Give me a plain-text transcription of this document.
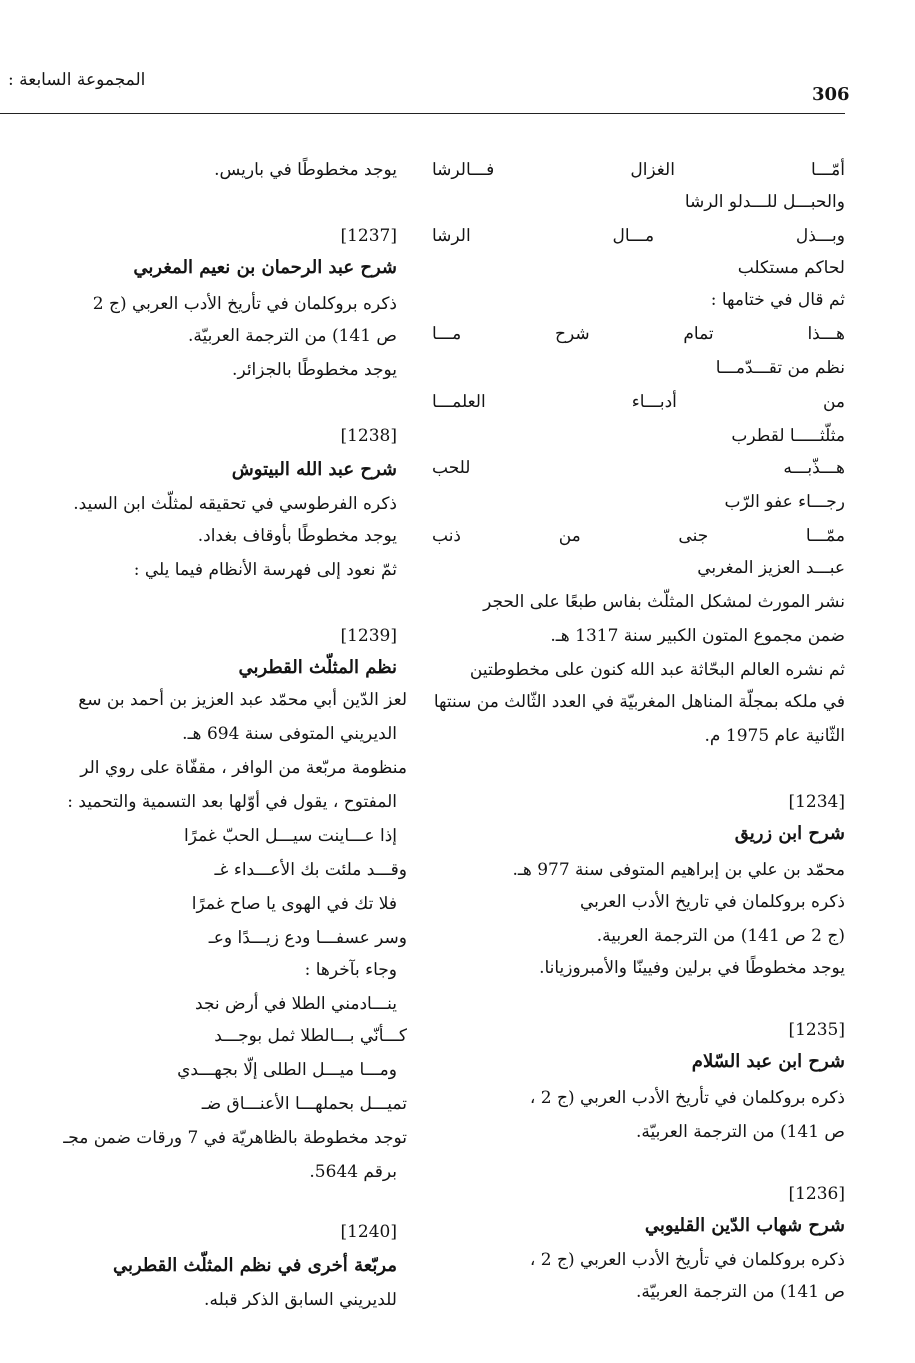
المجموعة السابعة :
306
أمّـــا الغزال فـــالرشا
والحبـــل للـــدلو الرشا
وبـــذل مـــال الرشا
لحاكم مستكلب
ثم قال في ختامها :
هـــذا تمام شرح مـــا
نظم من تقـــدّمـــا
من أدبـــاء العلمـــا
مثلّثـــــا لقطرب
هـــذّبـــه للحب
رجـــاء عفو الرّب
ممّـــا جنى من ذنب
عبـــد العزيز المغربي
نشر المورث لمشكل المثلّث بفاس طبعًا على الحجر
ضمن مجموع المتون الكبير سنة 1317 هـ.
ثم نشره العالم البحّاثة عبد الله كنون على مخطوطتين
في ملكه بمجلّة المناهل المغربيّة في العدد الثّالث من سنتها
الثّانية عام 1975 م.
[1234]
شرح ابن زريق
محمّد بن علي بن إبراهيم المتوفى سنة 977 هـ.
ذكره بروكلمان في تاريخ الأدب العربي
(ج 2 ص 141) من الترجمة العربية.
يوجد مخطوطًا في برلين وفيينّا والأمبروزيانا.
[1235]
شرح ابن عبد السّلام
ذكره بروكلمان في تأريخ الأدب العربي (ج 2 ،
ص 141) من الترجمة العربيّة.
[1236]
شرح شهاب الدّين القليوبي
ذكره بروكلمان في تأريخ الأدب العربي (ج 2 ،
ص 141) من الترجمة العربيّة.
يوجد مخطوطًا في باريس.
[1237]
شرح عبد الرحمان بن نعيم المغربي
ذكره بروكلمان في تأريخ الأدب العربي (ج 2
ص 141) من الترجمة العربيّة.
يوجد مخطوطًا بالجزائر.
[1238]
شرح عبد الله البيتوش
ذكره الفرطوسي في تحقيقه لمثلّث ابن السيد.
يوجد مخطوطًا بأوقاف بغداد.
ثمّ نعود إلى فهرسة الأنظام فيما يلي :
[1239]
نظم المثلّث القطربي
لعز الدّين أبي محمّد عبد العزيز بن أحمد بن سع
الديريني المتوفى سنة 694 هـ.
منظومة مربّعة من الوافر ، مقفّاة على روي الر
المفتوح ، يقول في أوّلها بعد التسمية والتحميد :
إذا عـــاينت سيـــل الحبّ غمرًا
وقـــد ملئت بك الأعـــداء غـ
فلا تك في الهوى يا صاح غمرًا
وسر عسفـــا ودع زيـــدًا وعـ
وجاء بآخرها :
ينـــادمني الطلا في أرض نجد
كـــأنّي بـــالطلا ثمل بوجـــد
ومـــا ميـــل الطلى إلّا بجهـــدي
تميـــل بحملهـــا الأعنـــاق ضـ
توجد مخطوطة بالظاهريّة في 7 ورقات ضمن مجـ
برقم 5644.
[1240]
مربّعة أخرى في نظم المثلّث القطربي
للديريني السابق الذكر قبله.
